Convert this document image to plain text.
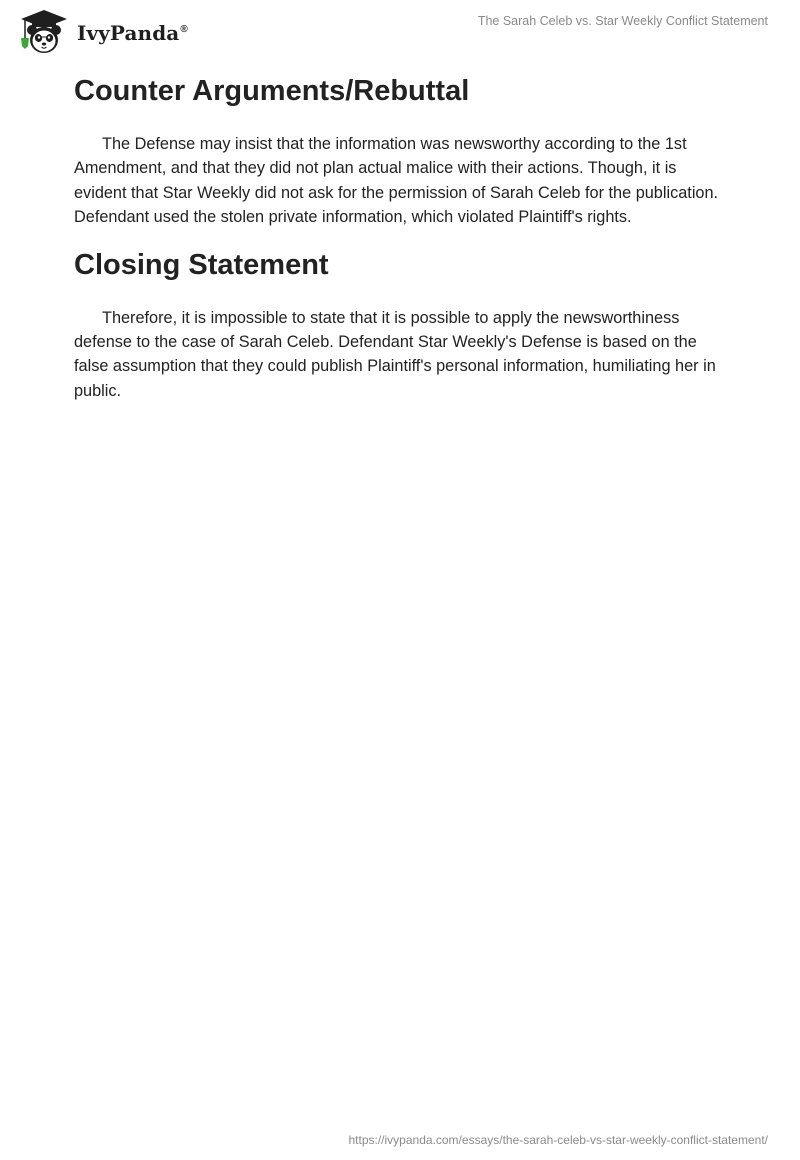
IvyPanda®
The Sarah Celeb vs. Star Weekly Conflict Statement
Counter Arguments/Rebuttal

The Defense may insist that the information was newsworthy according to the 1st Amendment, and that they did not plan actual malice with their actions. Though, it is evident that Star Weekly did not ask for the permission of Sarah Celeb for the publication. Defendant used the stolen private information, which violated Plaintiff's rights.

Closing Statement

Therefore, it is impossible to state that it is possible to apply the newsworthiness defense to the case of Sarah Celeb. Defendant Star Weekly's Defense is based on the false assumption that they could publish Plaintiff's personal information, humiliating her in public.

https://ivypanda.com/essays/the-sarah-celeb-vs-star-weekly-conflict-statement/
